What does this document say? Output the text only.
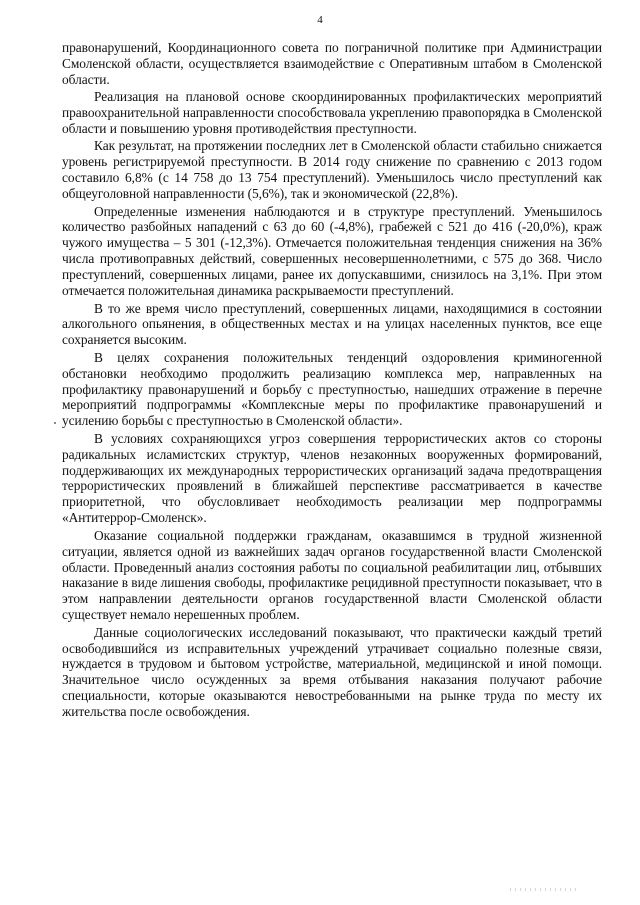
4

правонарушений, Координационного совета по пограничной политике при Администрации Смоленской области, осуществляется взаимодействие с Оперативным штабом в Смоленской области.

Реализация на плановой основе скоординированных профилактических мероприятий правоохранительной направленности способствовала укреплению правопорядка в Смоленской области и повышению уровня противодействия преступности.

Как результат, на протяжении последних лет в Смоленской области стабильно снижается уровень регистрируемой преступности. В 2014 году снижение по сравнению с 2013 годом составило 6,8% (с 14 758 до 13 754 преступлений). Уменьшилось число преступлений как общеуголовной направленности (5,6%), так и экономической (22,8%).

Определенные изменения наблюдаются и в структуре преступлений. Уменьшилось количество разбойных нападений с 63 до 60 (-4,8%), грабежей с 521 до 416 (-20,0%), краж чужого имущества – 5 301 (-12,3%). Отмечается положительная тенденция снижения на 36% числа противоправных действий, совершенных несовершеннолетними, с 575 до 368. Число преступлений, совершенных лицами, ранее их допускавшими, снизилось на 3,1%. При этом отмечается положительная динамика раскрываемости преступлений.

В то же время число преступлений, совершенных лицами, находящимися в состоянии алкогольного опьянения, в общественных местах и на улицах населенных пунктов, все еще сохраняется высоким.

В целях сохранения положительных тенденций оздоровления криминогенной обстановки необходимо продолжить реализацию комплекса мер, направленных на профилактику правонарушений и борьбу с преступностью, нашедших отражение в перечне мероприятий подпрограммы «Комплексные меры по профилактике правонарушений и усилению борьбы с преступностью в Смоленской области».

В условиях сохраняющихся угроз совершения террористических актов со стороны радикальных исламистских структур, членов незаконных вооруженных формирований, поддерживающих их международных террористических организаций задача предотвращения террористических проявлений в ближайшей перспективе рассматривается в качестве приоритетной, что обусловливает необходимость реализации мер подпрограммы «Антитеррор-Смоленск».

Оказание социальной поддержки гражданам, оказавшимся в трудной жизненной ситуации, является одной из важнейших задач органов государственной власти Смоленской области. Проведенный анализ состояния работы по социальной реабилитации лиц, отбывших наказание в виде лишения свободы, профилактике рецидивной преступности показывает, что в этом направлении деятельности органов государственной власти Смоленской области существует немало нерешенных проблем.

Данные социологических исследований показывают, что практически каждый третий освободившийся из исправительных учреждений утрачивает социально полезные связи, нуждается в трудовом и бытовом устройстве, материальной, медицинской и иной помощи. Значительное число осужденных за время отбывания наказания получают рабочие специальности, которые оказываются невостребованными на рынке труда по месту их жительства после освобождения.
